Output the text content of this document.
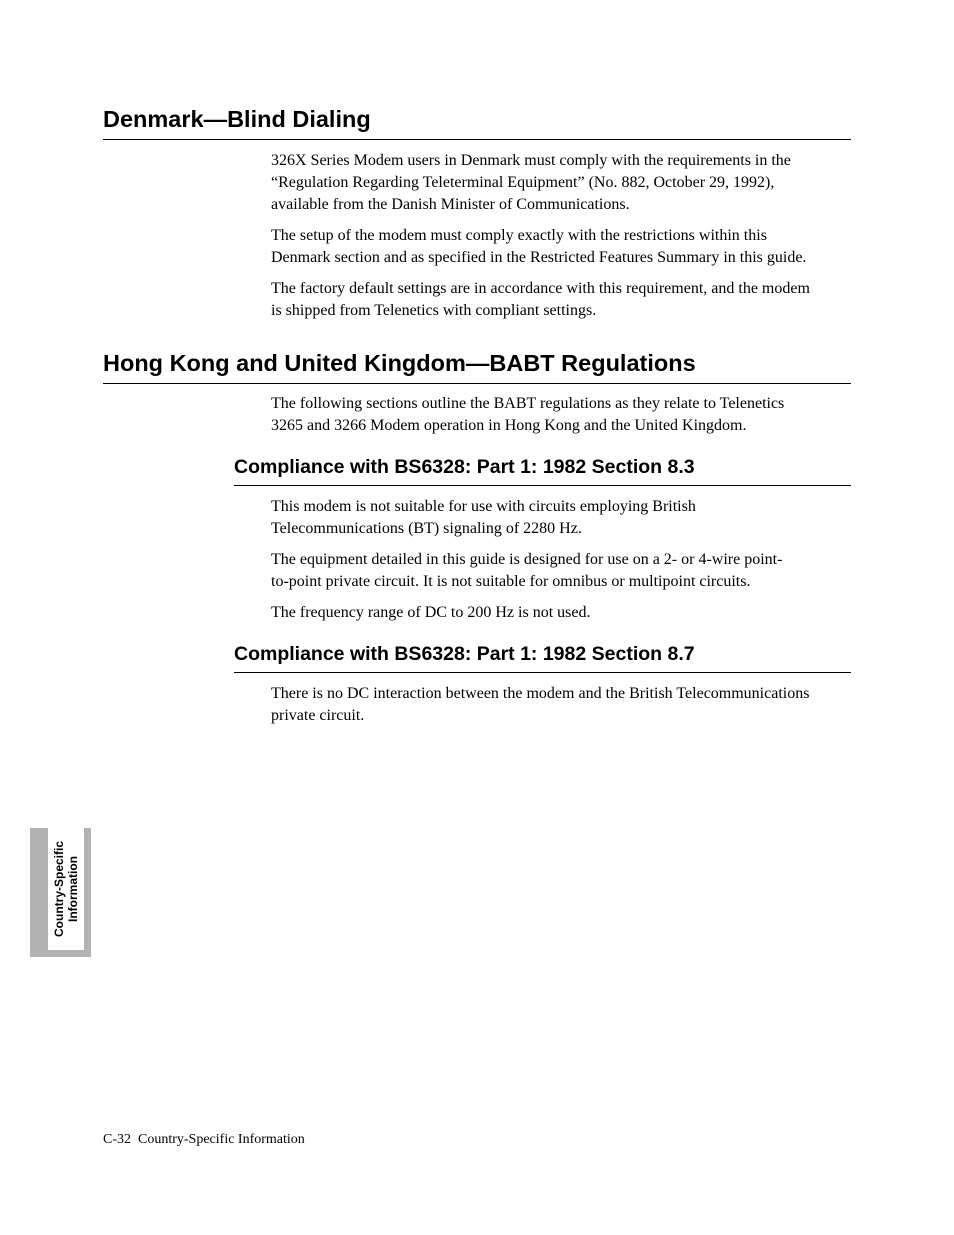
Denmark—Blind Dialing

326X Series Modem users in Denmark must comply with the requirements in the
“Regulation Regarding Teleterminal Equipment” (No. 882, October 29, 1992),
available from the Danish Minister of Communications.

The setup of the modem must comply exactly with the restrictions within this
Denmark section and as specified in the Restricted Features Summary in this guide.

The factory default settings are in accordance with this requirement, and the modem
is shipped from Telenetics with compliant settings.

Hong Kong and United Kingdom—BABT Regulations

The following sections outline the BABT regulations as they relate to Telenetics
3265 and 3266 Modem operation in Hong Kong and the United Kingdom.

Compliance with BS6328: Part 1: 1982 Section 8.3

This modem is not suitable for use with circuits employing British
Telecommunications (BT) signaling of 2280 Hz.

The equipment detailed in this guide is designed for use on a 2- or 4-wire point-
to-point private circuit. It is not suitable for omnibus or multipoint circuits.

The frequency range of DC to 200 Hz is not used.

Compliance with BS6328: Part 1: 1982 Section 8.7

There is no DC interaction between the modem and the British Telecommunications
private circuit.

Country-Specific Information
C-32 Country-Specific Information
